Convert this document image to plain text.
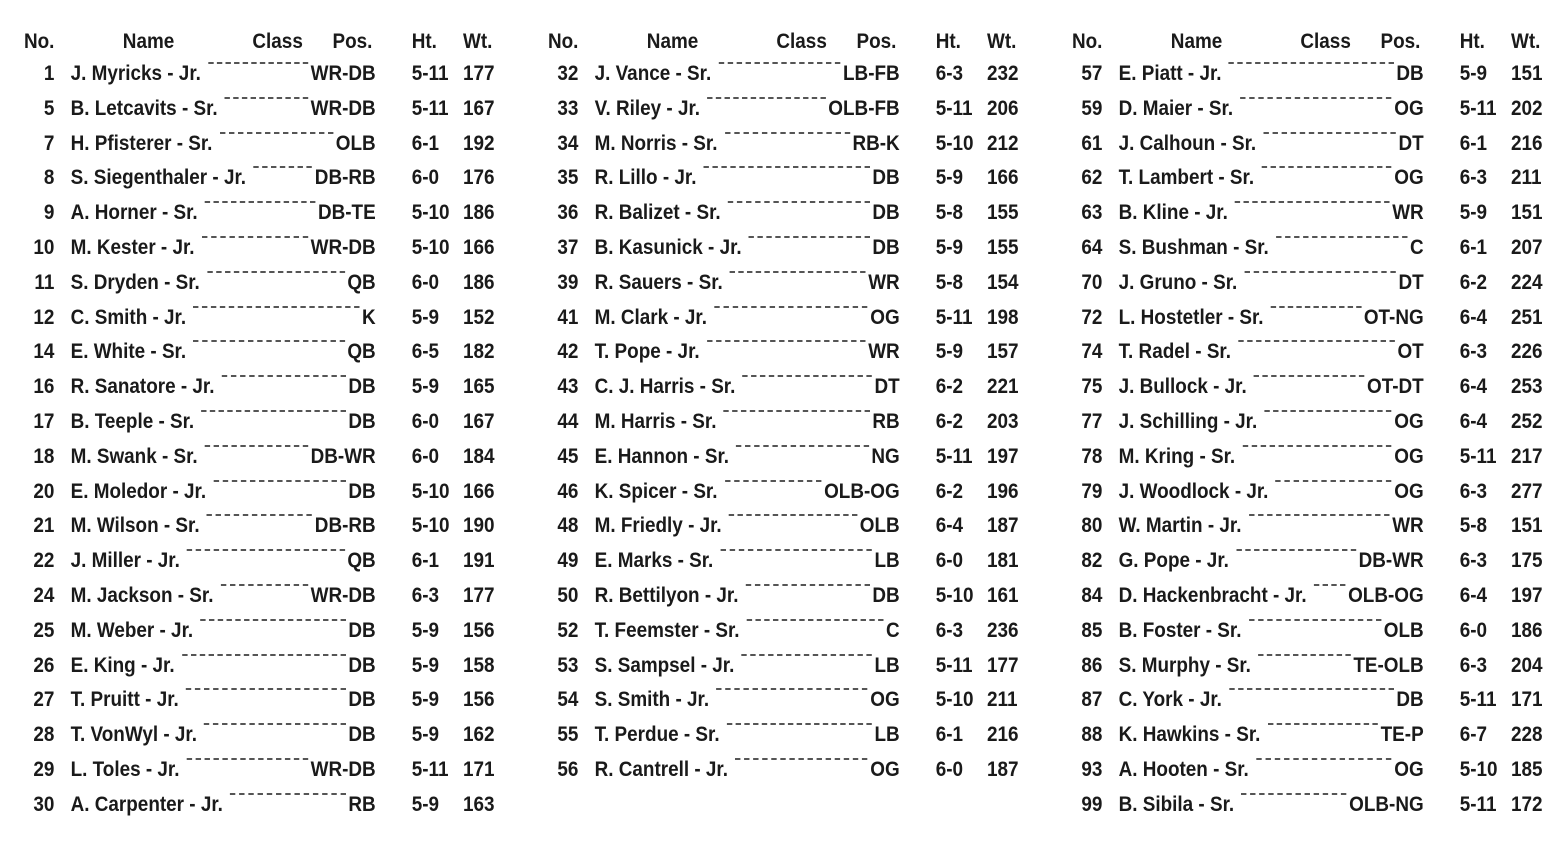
No.	Name	Class Pos. Ht. Wt.
1 J. Myricks - Jr.	WR-DB 5-11 177
5 B. Letcavits - Sr.	WR-DB 5-11 167
7 H. Pfisterer - Sr.	OLB 6-1 192
8 S. Siegenthaler - Jr.	DB-RB 6-0 176
9 A. Horner - Sr.	DB-TE 5-10 186
10 M. Kester - Jr.	WR-DB 5-10 166
11 S. Dryden - Sr.	QB 6-0 186
12 C. Smith - Jr.	K 5-9 152
14 E. White - Sr.	QB 6-5 182
16 R. Sanatore - Jr.	DB 5-9 165
17 B. Teeple - Sr.	DB 6-0 167
18 M. Swank - Sr.	DB-WR 6-0 184
20 E. Moledor - Jr.	DB 5-10 166
21 M. Wilson - Sr.	DB-RB 5-10 190
22 J. Miller - Jr.	QB 6-1 191
24 M. Jackson - Sr.	WR-DB 6-3 177
25 M. Weber - Jr.	DB 5-9 156
26 E. King - Jr.	DB 5-9 158
27 T. Pruitt - Jr.	DB 5-9 156
28 T. VonWyl - Jr.	DB 5-9 162
29 L. Toles - Jr.	WR-DB 5-11 171
30 A. Carpenter - Jr.	RB 5-9 163
No.	Name	Class Pos. Ht. Wt.
32 J. Vance - Sr.	LB-FB 6-3 232
33 V. Riley - Jr.	OLB-FB 5-11 206
34 M. Norris - Sr.	RB-K 5-10 212
35 R. Lillo - Jr.	DB 5-9 166
36 R. Balizet - Sr.	DB 5-8 155
37 B. Kasunick - Jr.	DB 5-9 155
39 R. Sauers - Sr.	WR 5-8 154
41 M. Clark - Jr.	OG 5-11 198
42 T. Pope - Jr.	WR 5-9 157
43 C. J. Harris - Sr.	DT 6-2 221
44 M. Harris - Sr.	RB 6-2 203
45 E. Hannon - Sr.	NG 5-11 197
46 K. Spicer - Sr.	OLB-OG 6-2 196
48 M. Friedly - Jr.	OLB 6-4 187
49 E. Marks - Sr.	LB 6-0 181
50 R. Bettilyon - Jr.	DB 5-10 161
52 T. Feemster - Sr.	C 6-3 236
53 S. Sampsel - Jr.	LB 5-11 177
54 S. Smith - Jr.	OG 5-10 211
55 T. Perdue - Sr.	LB 6-1 216
56 R. Cantrell - Jr.	OG 6-0 187
No.	Name	Class Pos. Ht. Wt.
57 E. Piatt - Jr.	DB 5-9 151
59 D. Maier - Sr.	OG 5-11 202
61 J. Calhoun - Sr.	DT 6-1 216
62 T. Lambert - Sr.	OG 6-3 211
63 B. Kline - Jr.	WR 5-9 151
64 S. Bushman - Sr.	C 6-1 207
70 J. Gruno - Sr.	DT 6-2 224
72 L. Hostetler - Sr.	OT-NG 6-4 251
74 T. Radel - Sr.	OT 6-3 226
75 J. Bullock - Jr.	OT-DT 6-4 253
77 J. Schilling - Jr.	OG 6-4 252
78 M. Kring - Sr.	OG 5-11 217
79 J. Woodlock - Jr.	OG 6-3 277
80 W. Martin - Jr.	WR 5-8 151
82 G. Pope - Jr.	DB-WR 6-3 175
84 D. Hackenbracht - Jr. OLB-OG 6-4 197
85 B. Foster - Sr.	OLB 6-0 186
86 S. Murphy - Sr.	TE-OLB 6-3 204
87 C. York - Jr.	DB 5-11 171
88 K. Hawkins - Sr.	TE-P 6-7 228
93 A. Hooten - Sr.	OG 5-10 185
99 B. Sibila - Sr.	OLB-NG 5-11 172
